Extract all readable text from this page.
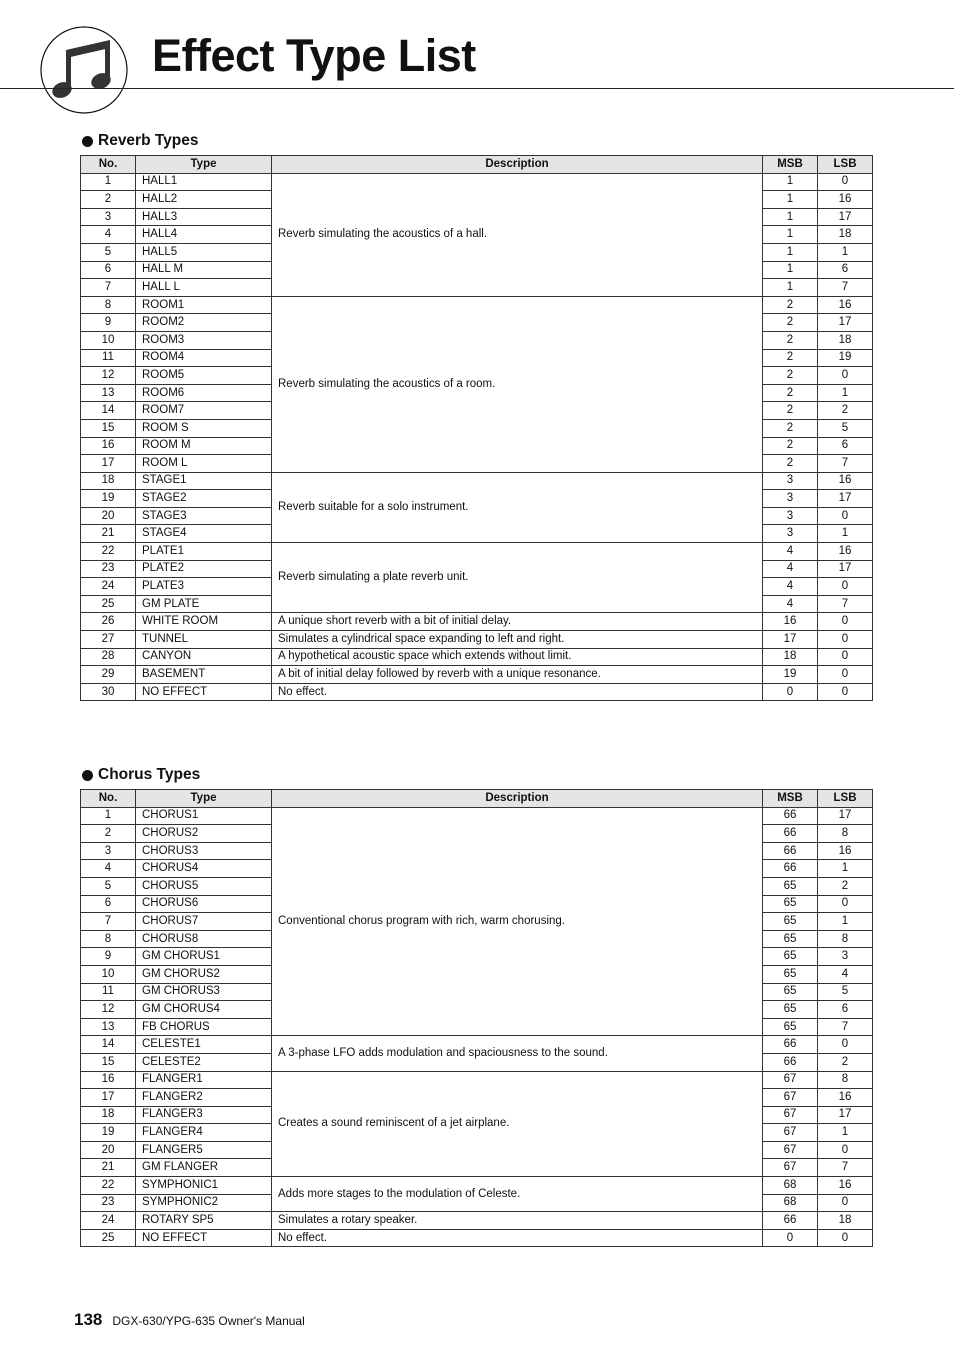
Effect Type List
Reverb Types
No.	Type	Description	MSB	LSB
1	HALL1	Reverb simulating the acoustics of a hall.	1	0
2	HALL2		1	16
3	HALL3		1	17
4	HALL4		1	18
5	HALL5		1	1
6	HALL M		1	6
7	HALL L		1	7
8	ROOM1	Reverb simulating the acoustics of a room.	2	16
9	ROOM2		2	17
10	ROOM3		2	18
11	ROOM4		2	19
12	ROOM5		2	0
13	ROOM6		2	1
14	ROOM7		2	2
15	ROOM S		2	5
16	ROOM M		2	6
17	ROOM L		2	7
18	STAGE1	Reverb suitable for a solo instrument.	3	16
19	STAGE2		3	17
20	STAGE3		3	0
21	STAGE4		3	1
22	PLATE1	Reverb simulating a plate reverb unit.	4	16
23	PLATE2		4	17
24	PLATE3		4	0
25	GM PLATE		4	7
26	WHITE ROOM	A unique short reverb with a bit of initial delay.	16	0
27	TUNNEL	Simulates a cylindrical space expanding to left and right.	17	0
28	CANYON	A hypothetical acoustic space which extends without limit.	18	0
29	BASEMENT	A bit of initial delay followed by reverb with a unique resonance.	19	0
30	NO EFFECT	No effect.	0	0
Chorus Types
No.	Type	Description	MSB	LSB
1	CHORUS1	Conventional chorus program with rich, warm chorusing.	66	17
2	CHORUS2		66	8
3	CHORUS3		66	16
4	CHORUS4		66	1
5	CHORUS5		65	2
6	CHORUS6		65	0
7	CHORUS7		65	1
8	CHORUS8		65	8
9	GM CHORUS1		65	3
10	GM CHORUS2		65	4
11	GM CHORUS3		65	5
12	GM CHORUS4		65	6
13	FB CHORUS		65	7
14	CELESTE1	A 3-phase LFO adds modulation and spaciousness to the sound.	66	0
15	CELESTE2		66	2
16	FLANGER1	Creates a sound reminiscent of a jet airplane.	67	8
17	FLANGER2		67	16
18	FLANGER3		67	17
19	FLANGER4		67	1
20	FLANGER5		67	0
21	GM FLANGER		67	7
22	SYMPHONIC1	Adds more stages to the modulation of Celeste.	68	16
23	SYMPHONIC2		68	0
24	ROTARY SP5	Simulates a rotary speaker.	66	18
25	NO EFFECT	No effect.	0	0
138 DGX-630/YPG-635 Owner's Manual
